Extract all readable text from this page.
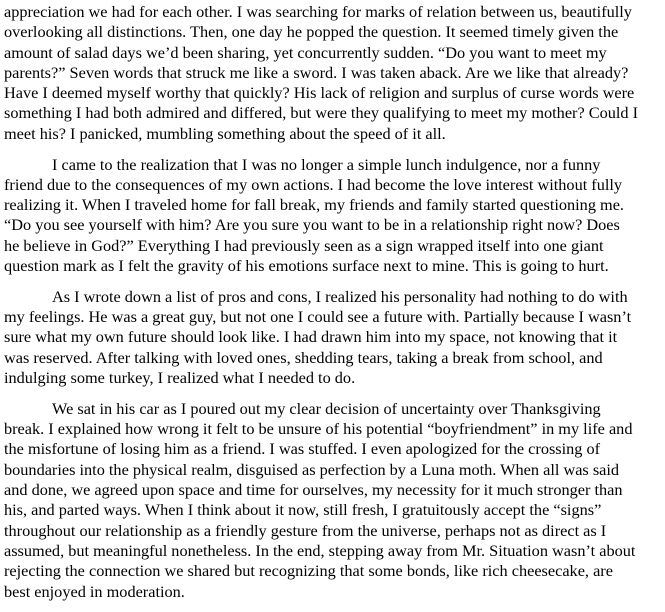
appreciation we had for each other. I was searching for marks of relation between us, beautifully
overlooking all distinctions. Then, one day he popped the question. It seemed timely given the
amount of salad days we’d been sharing, yet concurrently sudden. “Do you want to meet my
parents?” Seven words that struck me like a sword. I was taken aback. Are we like that already?
Have I deemed myself worthy that quickly? His lack of religion and surplus of curse words were
something I had both admired and differed, but were they qualifying to meet my mother? Could I
meet his? I panicked, mumbling something about the speed of it all.

I came to the realization that I was no longer a simple lunch indulgence, nor a funny
friend due to the consequences of my own actions. I had become the love interest without fully
realizing it. When I traveled home for fall break, my friends and family started questioning me.
“Do you see yourself with him? Are you sure you want to be in a relationship right now? Does
he believe in God?” Everything I had previously seen as a sign wrapped itself into one giant
question mark as I felt the gravity of his emotions surface next to mine. This is going to hurt.

As I wrote down a list of pros and cons, I realized his personality had nothing to do with
my feelings. He was a great guy, but not one I could see a future with. Partially because I wasn’t
sure what my own future should look like. I had drawn him into my space, not knowing that it
was reserved. After talking with loved ones, shedding tears, taking a break from school, and
indulging some turkey, I realized what I needed to do.

We sat in his car as I poured out my clear decision of uncertainty over Thanksgiving
break. I explained how wrong it felt to be unsure of his potential “boyfriendment” in my life and
the misfortune of losing him as a friend. I was stuffed. I even apologized for the crossing of
boundaries into the physical realm, disguised as perfection by a Luna moth. When all was said
and done, we agreed upon space and time for ourselves, my necessity for it much stronger than
his, and parted ways. When I think about it now, still fresh, I gratuitously accept the “signs”
throughout our relationship as a friendly gesture from the universe, perhaps not as direct as I
assumed, but meaningful nonetheless. In the end, stepping away from Mr. Situation wasn’t about
rejecting the connection we shared but recognizing that some bonds, like rich cheesecake, are
best enjoyed in moderation.
